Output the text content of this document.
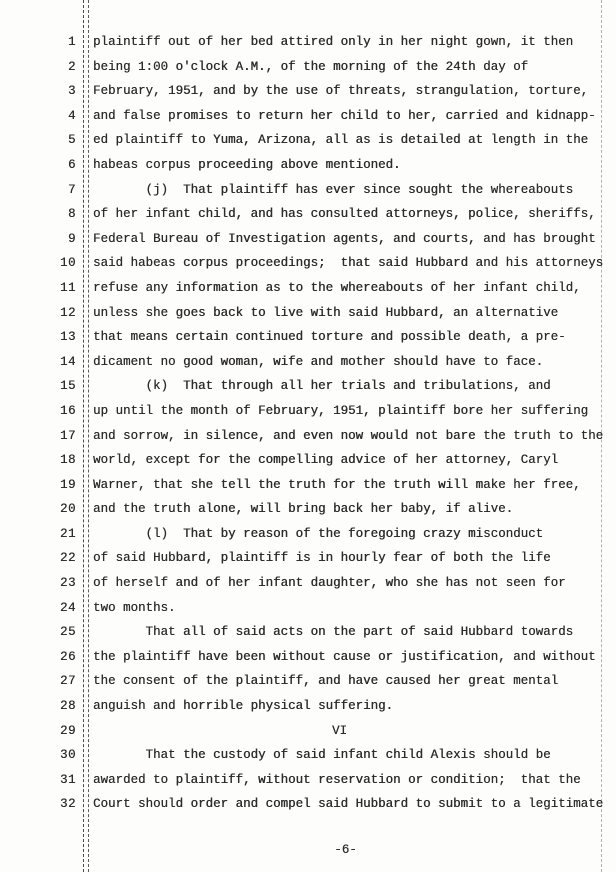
1 plaintiff out of her bed attired only in her night gown, it then
2 being 1:00 o'clock A.M., of the morning of the 24th day of
3 February, 1951, and by the use of threats, strangulation, torture,
4 and false promises to return her child to her, carried and kidnapp-
5 ed plaintiff to Yuma, Arizona, all as is detailed at length in the
6 habeas corpus proceeding above mentioned.
7 (j)  That plaintiff has ever since sought the whereabouts
8 of her infant child, and has consulted attorneys, police, sheriffs,
9 Federal Bureau of Investigation agents, and courts, and has brought
10 said habeas corpus proceedings;  that said Hubbard and his attorneys
11 refuse any information as to the whereabouts of her infant child,
12 unless she goes back to live with said Hubbard, an alternative
13 that means certain continued torture and possible death, a pre-
14 dicament no good woman, wife and mother should have to face.
15 (k)  That through all her trials and tribulations, and
16 up until the month of February, 1951, plaintiff bore her suffering
17 and sorrow, in silence, and even now would not bare the truth to the
18 world, except for the compelling advice of her attorney, Caryl
19 Warner, that she tell the truth for the truth will make her free,
20 and the truth alone, will bring back her baby, if alive.
21 (l)  That by reason of the foregoing crazy misconduct
22 of said Hubbard, plaintiff is in hourly fear of both the life
23 of herself and of her infant daughter, who she has not seen for
24 two months.
25 That all of said acts on the part of said Hubbard towards
26 the plaintiff have been without cause or justification, and without
27 the consent of the plaintiff, and have caused her great mental
28 anguish and horrible physical suffering.
29	VI
30 That the custody of said infant child Alexis should be
31 awarded to plaintiff, without reservation or condition;  that the
32 Court should order and compel said Hubbard to submit to a legitimate
-6-
